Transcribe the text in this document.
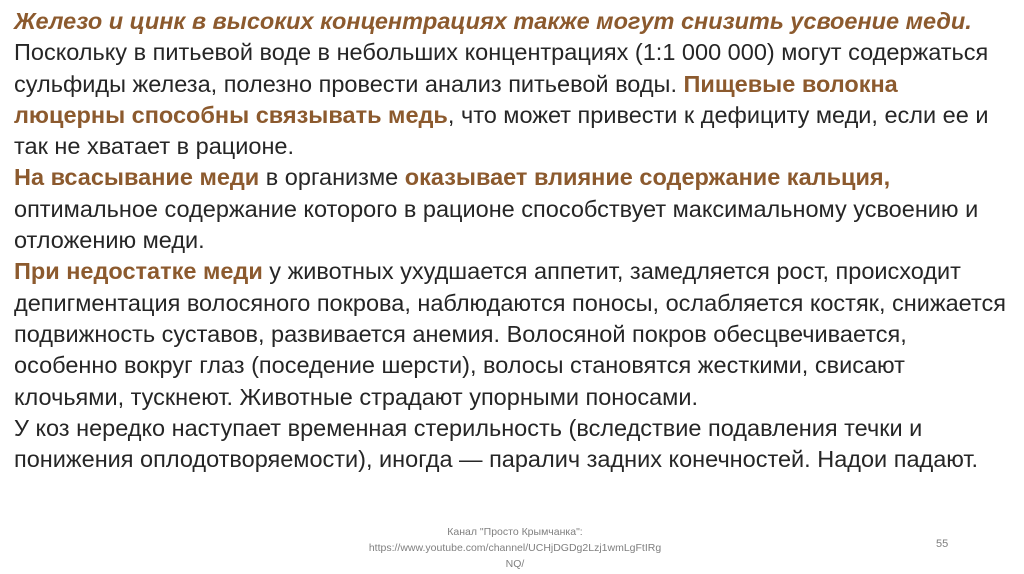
Железо и цинк в высоких концентрациях также могут снизить усвоение меди. Поскольку в питьевой воде в небольших концентрациях (1:1 000 000) могут содержаться сульфиды железа, полезно провести анализ питьевой воды. Пищевые волокна люцерны способны связывать медь, что может привести к дефициту меди, если ее и так не хватает в рационе.

На всасывание меди в организме оказывает влияние содержание кальция, оптимальное содержание которого в рационе способствует максимальному усвоению и отложению меди.

При недостатке меди у животных ухудшается аппетит, замедляется рост, происходит депигментация волосяного покрова, наблюдаются поносы, ослабляется костяк, снижается подвижность суставов, развивается анемия. Волосяной покров обесцвечивается, особенно вокруг глаз (поседение шерсти), волосы становятся жесткими, свисают клочьями, тускнеют. Животные страдают упорными поносами.

У коз нередко наступает временная стерильность (вследствие подавления течки и понижения оплодотворяемости), иногда — паралич задних конечностей. Надои падают.

Канал "Просто Крымчанка":
https://www.youtube.com/channel/UCHjDGDg2Lzj1wmLgFtIRg
NQ/
55
